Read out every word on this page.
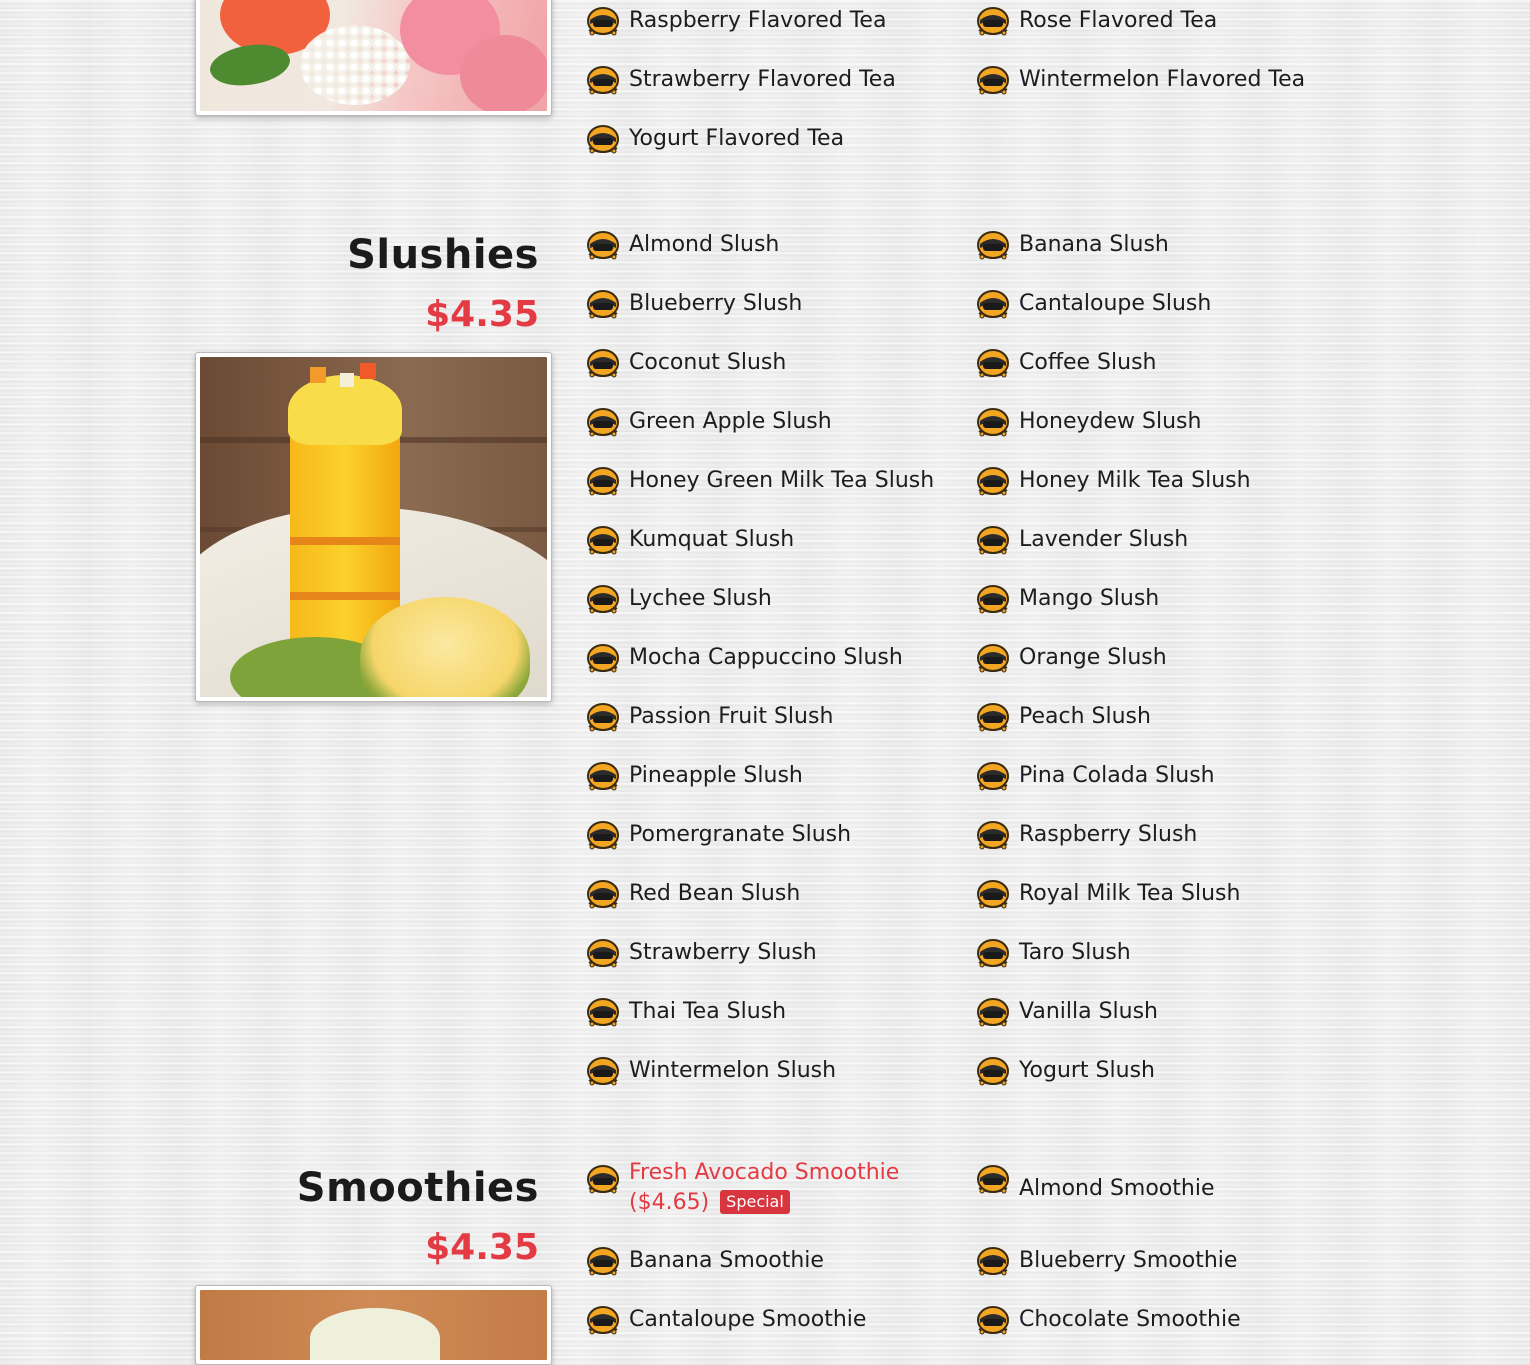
Raspberry Flavored Tea	Rose Flavored Tea
Strawberry Flavored Tea	Wintermelon Flavored Tea
Yogurt Flavored Tea
Slushies
$4.35
Almond Slush	Banana Slush
Blueberry Slush	Cantaloupe Slush
Coconut Slush	Coffee Slush
Green Apple Slush	Honeydew Slush
Honey Green Milk Tea Slush	Honey Milk Tea Slush
Kumquat Slush	Lavender Slush
Lychee Slush	Mango Slush
Mocha Cappuccino Slush	Orange Slush
Passion Fruit Slush	Peach Slush
Pineapple Slush	Pina Colada Slush
Pomergranate Slush	Raspberry Slush
Red Bean Slush	Royal Milk Tea Slush
Strawberry Slush	Taro Slush
Thai Tea Slush	Vanilla Slush
Wintermelon Slush	Yogurt Slush
Smoothies
$4.35
Fresh Avocado Smoothie ($4.65) Special
Almond Smoothie
Banana Smoothie	Blueberry Smoothie
Cantaloupe Smoothie	Chocolate Smoothie
